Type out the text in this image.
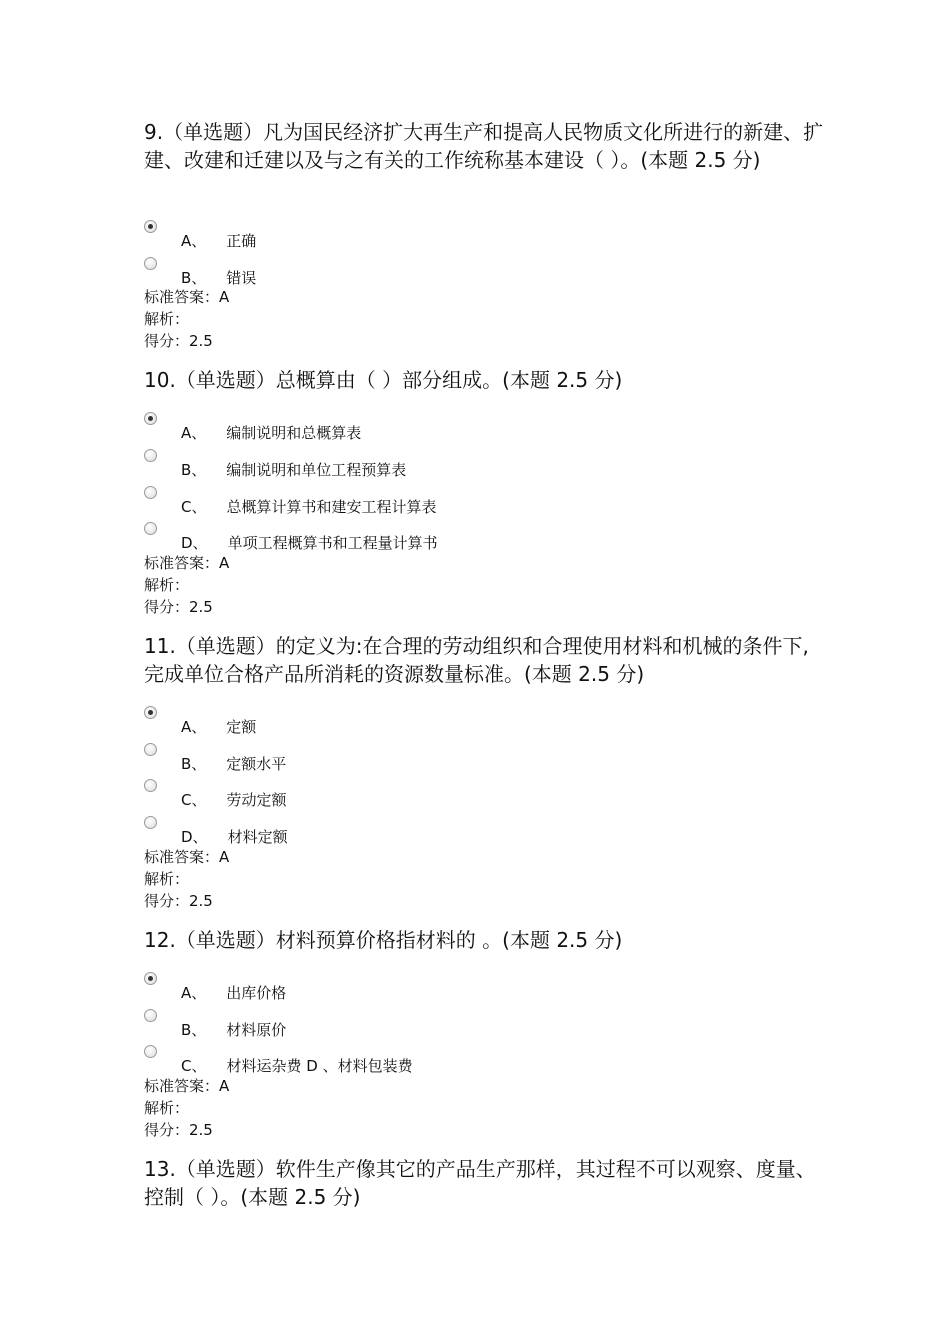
9.（单选题）凡为国民经济扩大再生产和提高人民物质文化所进行的新建、扩建、改建和迁建以及与之有关的工作统称基本建设（ ）。(本题 2.5 分)
A、 正确
B、 错误
标准答案：A
解析：
得分：2.5
10.（单选题）总概算由（ ）部分组成。(本题 2.5 分)
A、 编制说明和总概算表
B、 编制说明和单位工程预算表
C、 总概算计算书和建安工程计算表
D、 单项工程概算书和工程量计算书
标准答案：A
解析：
得分：2.5
11.（单选题）的定义为:在合理的劳动组织和合理使用材料和机械的条件下,完成单位合格产品所消耗的资源数量标准。(本题 2.5 分)
A、 定额
B、 定额水平
C、 劳动定额
D、 材料定额
标准答案：A
解析：
得分：2.5
12.（单选题）材料预算价格指材料的 。(本题 2.5 分)
A、 出库价格
B、 材料原价
C、 材料运杂费 D 、材料包装费
标准答案：A
解析：
得分：2.5
13.（单选题）软件生产像其它的产品生产那样，其过程不可以观察、度量、控制（ ）。(本题 2.5 分)
